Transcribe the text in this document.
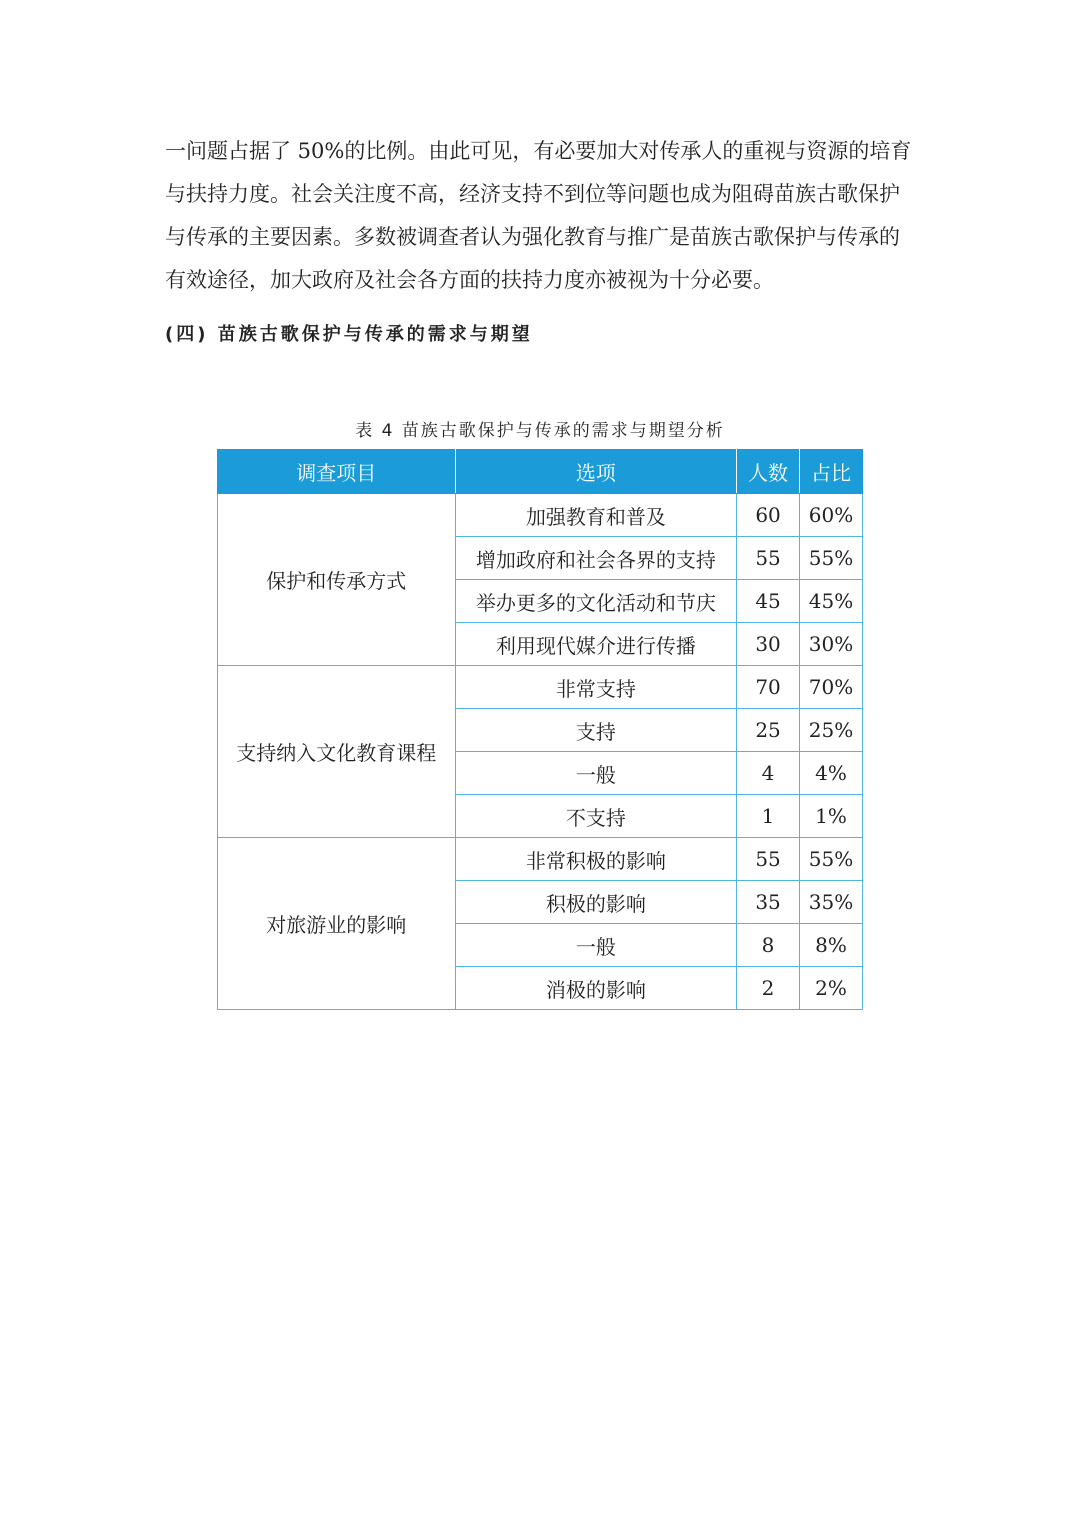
一问题占据了 50%的比例。由此可见，有必要加大对传承人的重视与资源的培育
与扶持力度。社会关注度不高，经济支持不到位等问题也成为阻碍苗族古歌保护
与传承的主要因素。多数被调查者认为强化教育与推广是苗族古歌保护与传承的
有效途径，加大政府及社会各方面的扶持力度亦被视为十分必要。
(四) 苗族古歌保护与传承的需求与期望
表 4 苗族古歌保护与传承的需求与期望分析
调查项目	选项	人数	占比
保护和传承方式	加强教育和普及	60	60%
	增加政府和社会各界的支持	55	55%
	举办更多的文化活动和节庆	45	45%
	利用现代媒介进行传播	30	30%
支持纳入文化教育课程	非常支持	70	70%
	支持	25	25%
	一般	4	4%
	不支持	1	1%
对旅游业的影响	非常积极的影响	55	55%
	积极的影响	35	35%
	一般	8	8%
	消极的影响	2	2%
